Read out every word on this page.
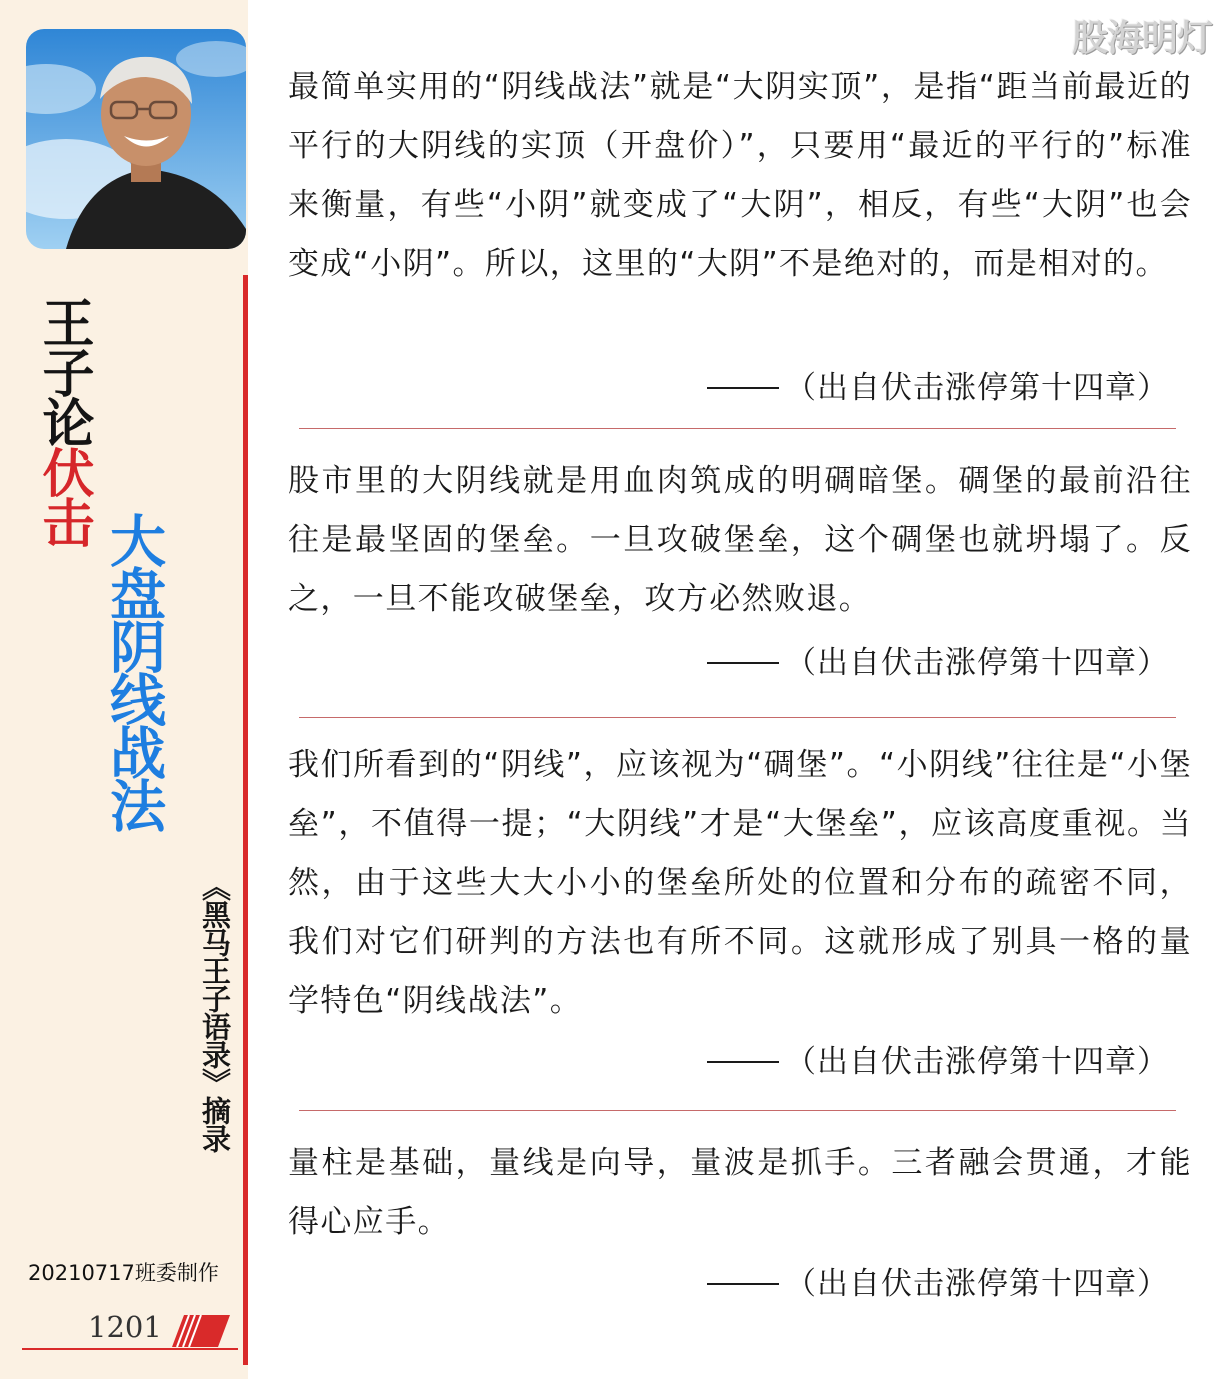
王子论伏击
大盘阴线战法
《黑马王子语录》摘录
20210717班委制作
1201
股海明灯

最简单实用的“阴线战法”就是“大阴实顶”，是指“距当前最近的平行的大阴线的实顶（开盘价）”，只要用“最近的平行的”标准来衡量，有些“小阴”就变成了“大阴”，相反，有些“大阴”也会变成“小阴”。所以，这里的“大阴”不是绝对的，而是相对的。

（出自伏击涨停第十四章）

股市里的大阴线就是用血肉筑成的明碉暗堡。碉堡的最前沿往往是最坚固的堡垒。一旦攻破堡垒，这个碉堡也就坍塌了。反之，一旦不能攻破堡垒，攻方必然败退。

（出自伏击涨停第十四章）

我们所看到的“阴线”，应该视为“碉堡”。“小阴线”往往是“小堡垒”，不值得一提；“大阴线”才是“大堡垒”，应该高度重视。当然，由于这些大大小小的堡垒所处的位置和分布的疏密不同，我们对它们研判的方法也有所不同。这就形成了别具一格的量学特色“阴线战法”。

（出自伏击涨停第十四章）

量柱是基础，量线是向导，量波是抓手。三者融会贯通，才能得心应手。

（出自伏击涨停第十四章）
